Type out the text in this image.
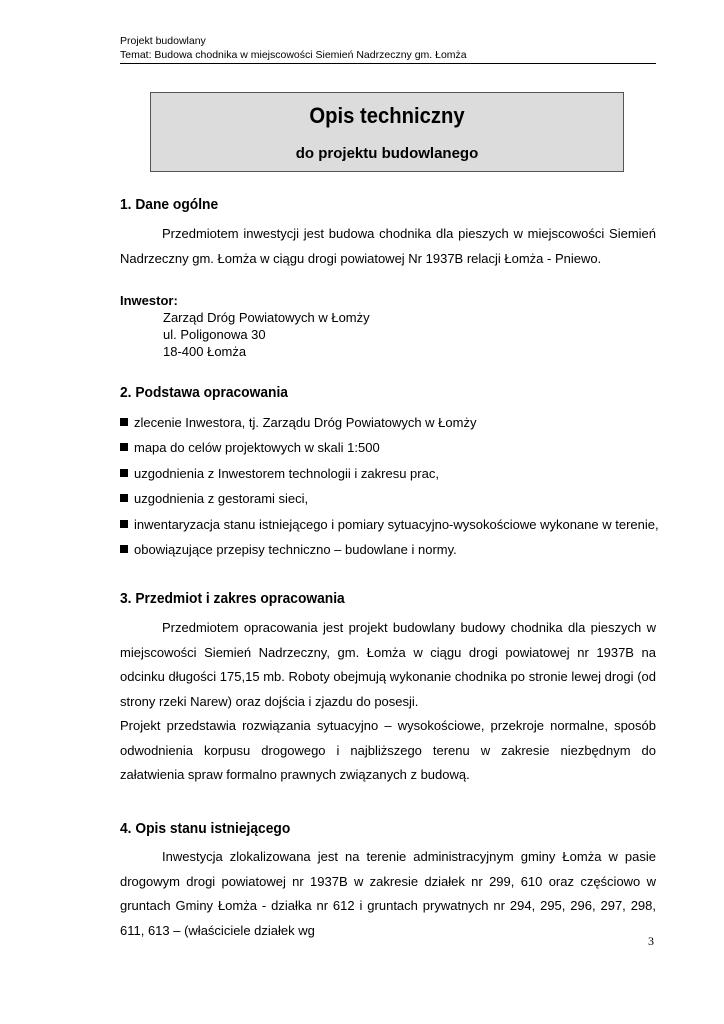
Projekt budowlany
Temat: Budowa chodnika w miejscowości Siemień Nadrzeczny gm. Łomża
Opis techniczny
do projektu budowlanego
1. Dane ogólne
Przedmiotem inwestycji jest budowa chodnika dla pieszych w miejscowości Siemień Nadrzeczny gm. Łomża w ciągu drogi powiatowej Nr 1937B relacji Łomża - Pniewo.
Inwestor:
Zarząd Dróg Powiatowych w Łomży
ul. Poligonowa 30
18-400 Łomża
2. Podstawa opracowania
zlecenie Inwestora, tj. Zarządu Dróg Powiatowych w Łomży
mapa do celów projektowych w skali 1:500
uzgodnienia z Inwestorem technologii i zakresu prac,
uzgodnienia z gestorami sieci,
inwentaryzacja stanu istniejącego i pomiary sytuacyjno-wysokościowe wykonane w terenie,
obowiązujące przepisy techniczno – budowlane i normy.
3. Przedmiot i zakres opracowania
Przedmiotem opracowania jest projekt budowlany budowy chodnika dla pieszych w miejscowości Siemień Nadrzeczny, gm. Łomża w ciągu drogi powiatowej nr 1937B na odcinku długości 175,15 mb. Roboty obejmują wykonanie chodnika po stronie lewej drogi (od strony rzeki Narew) oraz dojścia i zjazdu do posesji.
Projekt przedstawia rozwiązania sytuacyjno – wysokościowe, przekroje normalne, sposób odwodnienia korpusu drogowego i najbliższego terenu w zakresie niezbędnym do załatwienia spraw formalno prawnych związanych z budową.
4. Opis stanu istniejącego
Inwestycja zlokalizowana jest na terenie administracyjnym gminy Łomża w pasie drogowym drogi powiatowej nr 1937B w zakresie działek nr 299, 610 oraz częściowo w gruntach Gminy Łomża - działka nr 612 i gruntach prywatnych nr 294, 295, 296, 297, 298, 611, 613 – (właściciele działek wg
3
